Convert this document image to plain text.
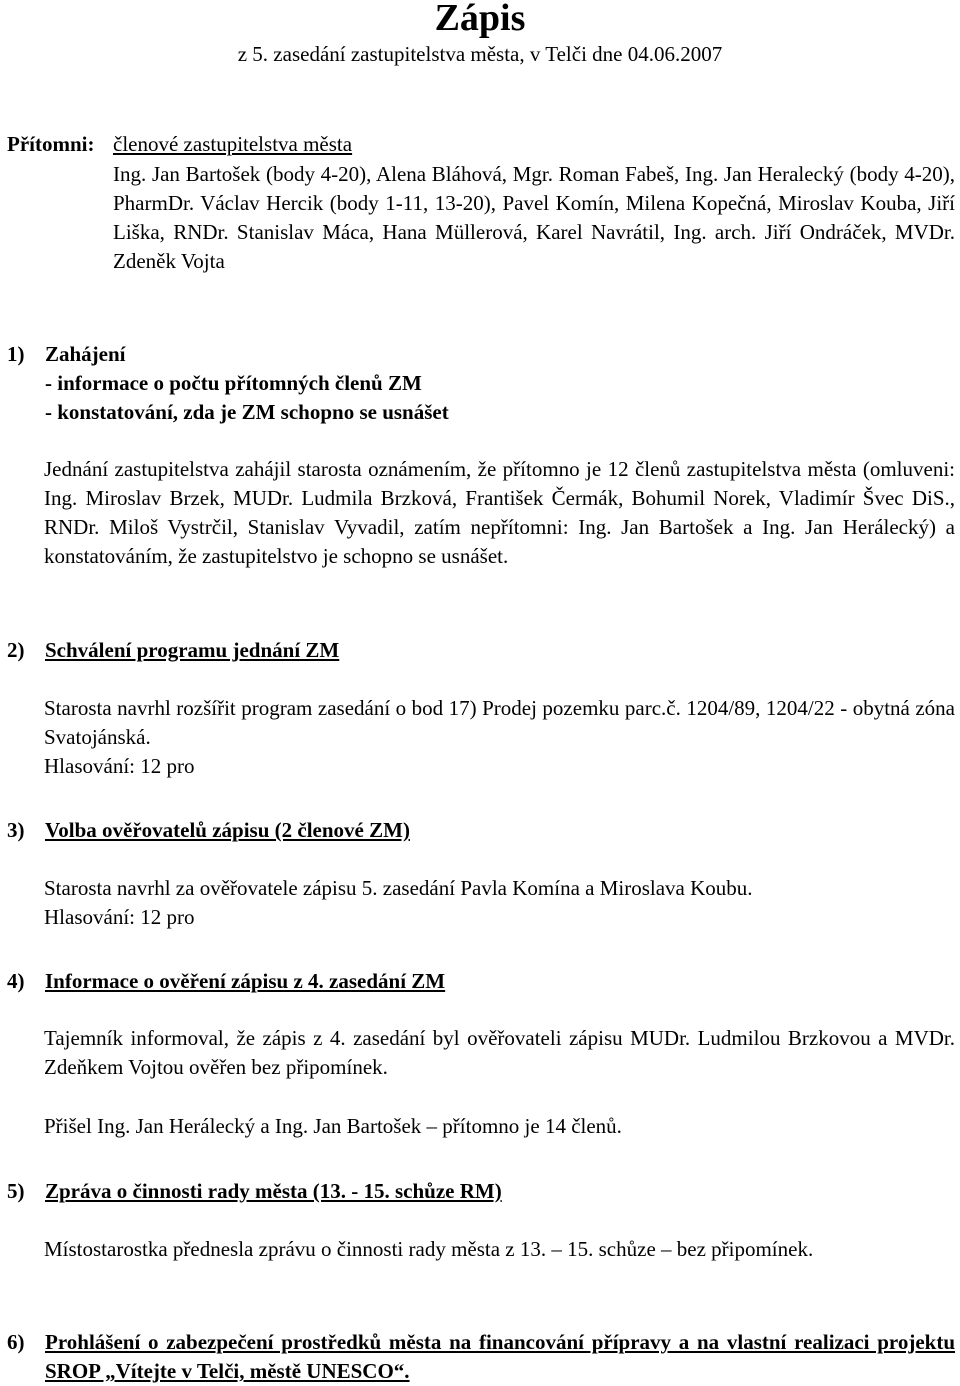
Zápis
z 5. zasedání zastupitelstva města, v Telči dne 04.06.2007
Přítomni: členové zastupitelstva města
Ing. Jan Bartošek (body 4-20), Alena Bláhová, Mgr. Roman Fabeš, Ing. Jan Heralecký (body 4-20), PharmDr. Václav Hercik (body 1-11, 13-20), Pavel Komín, Milena Kopečná, Miroslav Kouba, Jiří Liška, RNDr. Stanislav Máca, Hana Müllerová, Karel Navrátil, Ing. arch. Jiří Ondráček, MVDr. Zdeněk Vojta
1) Zahájení
- informace o počtu přítomných členů ZM
- konstatování, zda je ZM schopno se usnášet
Jednání zastupitelstva zahájil starosta oznámením, že přítomno je 12 členů zastupitelstva města (omluveni: Ing. Miroslav Brzek, MUDr. Ludmila Brzková, František Čermák, Bohumil Norek, Vladimír Švec DiS., RNDr. Miloš Vystrčil, Stanislav Vyvadil, zatím nepřítomni: Ing. Jan Bartošek a Ing. Jan Herálecký) a konstatováním, že zastupitelstvo je schopno se usnášet.
2) Schválení programu jednání ZM
Starosta navrhl rozšířit program zasedání o bod 17) Prodej pozemku parc.č. 1204/89, 1204/22 - obytná zóna Svatojánská.
Hlasování: 12 pro
3) Volba ověřovatelů zápisu (2 členové ZM)
Starosta navrhl za ověřovatele zápisu 5. zasedání Pavla Komína a Miroslava Koubu.
Hlasování: 12 pro
4) Informace o ověření zápisu z 4. zasedání ZM
Tajemník informoval, že zápis z 4. zasedání byl ověřovateli zápisu MUDr. Ludmilou Brzkovou a MVDr. Zdeňkem Vojtou ověřen bez připomínek.
Přišel Ing. Jan Herálecký a Ing. Jan Bartošek – přítomno je 14 členů.
5) Zpráva o činnosti rady města (13. - 15. schůze RM)
Místostarostka přednesla zprávu o činnosti rady města z 13. – 15. schůze – bez připomínek.
6) Prohlášení o zabezpečení prostředků města na financování přípravy a na vlastní realizaci projektu SROP „Vítejte v Telči, městě UNESCO“.
